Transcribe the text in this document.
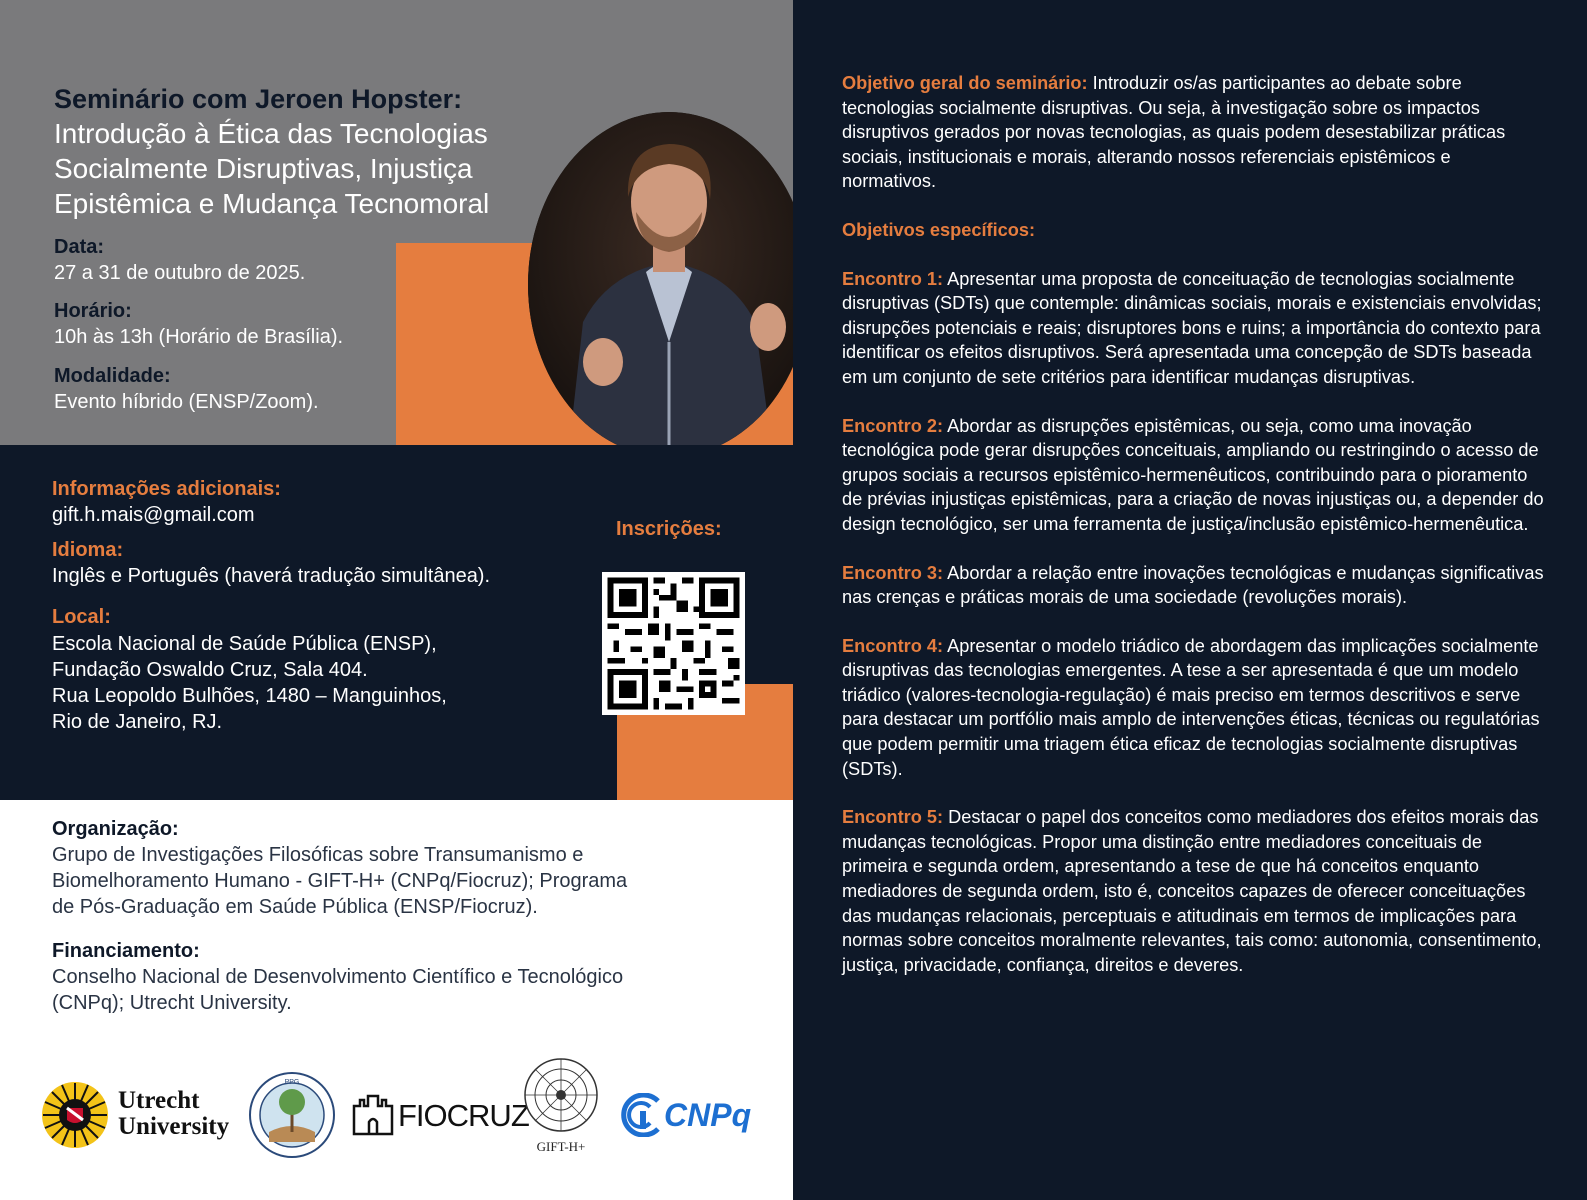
Seminário com Jeroen Hopster:
Introdução à Ética das Tecnologias
Socialmente Disruptivas, Injustiça
Epistêmica e Mudança Tecnomoral
Data:
27 a 31 de outubro de 2025.
Horário:
10h às 13h (Horário de Brasília).
Modalidade:
Evento híbrido (ENSP/Zoom).
Informações adicionais:
gift.h.mais@gmail.com
Idioma:
Inglês e Português (haverá tradução simultânea).
Local:
Escola Nacional de Saúde Pública (ENSP),
Fundação Oswaldo Cruz, Sala 404.
Rua Leopoldo Bulhões, 1480 – Manguinhos,
Rio de Janeiro, RJ.
Inscrições:
Organização:
Grupo de Investigações Filosóficas sobre Transumanismo e
Biomelhoramento Humano - GIFT-H+ (CNPq/Fiocruz); Programa
de Pós-Graduação em Saúde Pública (ENSP/Fiocruz).
Financiamento:
Conselho Nacional de Desenvolvimento Científico e Tecnológico
(CNPq); Utrecht University.
Utrecht
University
PPG
FIOCRUZ
GIFT-H+
CNPq

Objetivo geral do seminário: Introduzir os/as participantes ao debate sobre tecnologias socialmente disruptivas. Ou seja, à investigação sobre os impactos disruptivos gerados por novas tecnologias, as quais podem desestabilizar práticas sociais, institucionais e morais, alterando nossos referenciais epistêmicos e normativos.

Objetivos específicos:

Encontro 1: Apresentar uma proposta de conceituação de tecnologias socialmente disruptivas (SDTs) que contemple: dinâmicas sociais, morais e existenciais envolvidas; disrupções potenciais e reais; disruptores bons e ruins; a importância do contexto para identificar os efeitos disruptivos. Será apresentada uma concepção de SDTs baseada em um conjunto de sete critérios para identificar mudanças disruptivas.

Encontro 2: Abordar as disrupções epistêmicas, ou seja, como uma inovação tecnológica pode gerar disrupções conceituais, ampliando ou restringindo o acesso de grupos sociais a recursos epistêmico-hermenêuticos, contribuindo para o pioramento de prévias injustiças epistêmicas, para a criação de novas injustiças ou, a depender do design tecnológico, ser uma ferramenta de justiça/inclusão epistêmico-hermenêutica.

Encontro 3: Abordar a relação entre inovações tecnológicas e mudanças significativas nas crenças e práticas morais de uma sociedade (revoluções morais).

Encontro 4: Apresentar o modelo triádico de abordagem das implicações socialmente disruptivas das tecnologias emergentes. A tese a ser apresentada é que um modelo triádico (valores-tecnologia-regulação) é mais preciso em termos descritivos e serve para destacar um portfólio mais amplo de intervenções éticas, técnicas ou regulatórias que podem permitir uma triagem ética eficaz de tecnologias socialmente disruptivas (SDTs).

Encontro 5: Destacar o papel dos conceitos como mediadores dos efeitos morais das mudanças tecnológicas. Propor uma distinção entre mediadores conceituais de primeira e segunda ordem, apresentando a tese de que há conceitos enquanto mediadores de segunda ordem, isto é, conceitos capazes de oferecer conceituações das mudanças relacionais, perceptuais e atitudinais em termos de implicações para normas sobre conceitos moralmente relevantes, tais como: autonomia, consentimento, justiça, privacidade, confiança, direitos e deveres.
